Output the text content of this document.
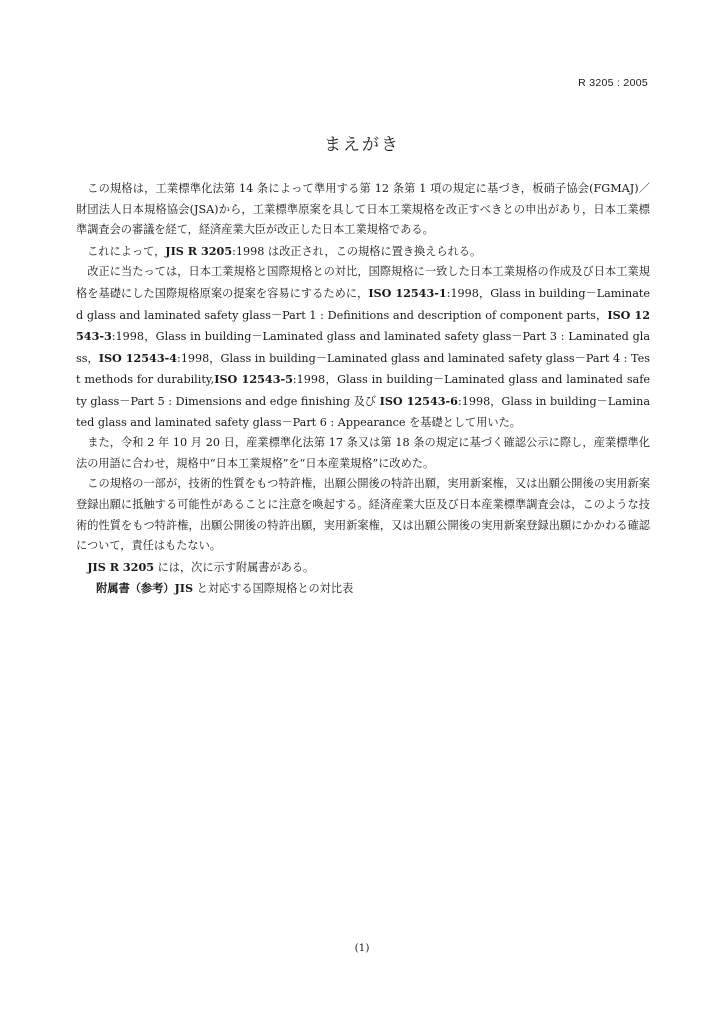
R 3205 : 2005
まえがき

この規格は，工業標準化法第 14 条によって準用する第 12 条第 1 項の規定に基づき，板硝子協会(FGMAJ)／財団法人日本規格協会(JSA)から，工業標準原案を具して日本工業規格を改正すべきとの申出があり，日本工業標準調査会の審議を経て，経済産業大臣が改正した日本工業規格である。

これによって，JIS R 3205:1998 は改正され，この規格に置き換えられる。

改正に当たっては，日本工業規格と国際規格との対比，国際規格に一致した日本工業規格の作成及び日本工業規格を基礎にした国際規格原案の提案を容易にするために，ISO 12543-1:1998，Glass in building－Laminated glass and laminated safety glass－Part 1 : Definitions and description of component parts，ISO 12543-3:1998，Glass in building－Laminated glass and laminated safety glass－Part 3 : Laminated glass，ISO 12543-4:1998，Glass in building－Laminated glass and laminated safety glass－Part 4 : Test methods for durability,ISO 12543-5:1998，Glass in building－Laminated glass and laminated safety glass－Part 5 : Dimensions and edge finishing 及び ISO 12543-6:1998，Glass in building－Laminated glass and laminated safety glass－Part 6 : Appearance を基礎として用いた。

また，令和 2 年 10 月 20 日，産業標準化法第 17 条又は第 18 条の規定に基づく確認公示に際し，産業標準化法の用語に合わせ，規格中“日本工業規格”を“日本産業規格”に改めた。

この規格の一部が，技術的性質をもつ特許権，出願公開後の特許出願，実用新案権，又は出願公開後の実用新案登録出願に抵触する可能性があることに注意を喚起する。経済産業大臣及び日本産業標準調査会は，このような技術的性質をもつ特許権，出願公開後の特許出願，実用新案権，又は出願公開後の実用新案登録出願にかかわる確認について，責任はもたない。

JIS R 3205 には，次に示す附属書がある。

附属書（参考）JIS と対応する国際規格との対比表

(1)
